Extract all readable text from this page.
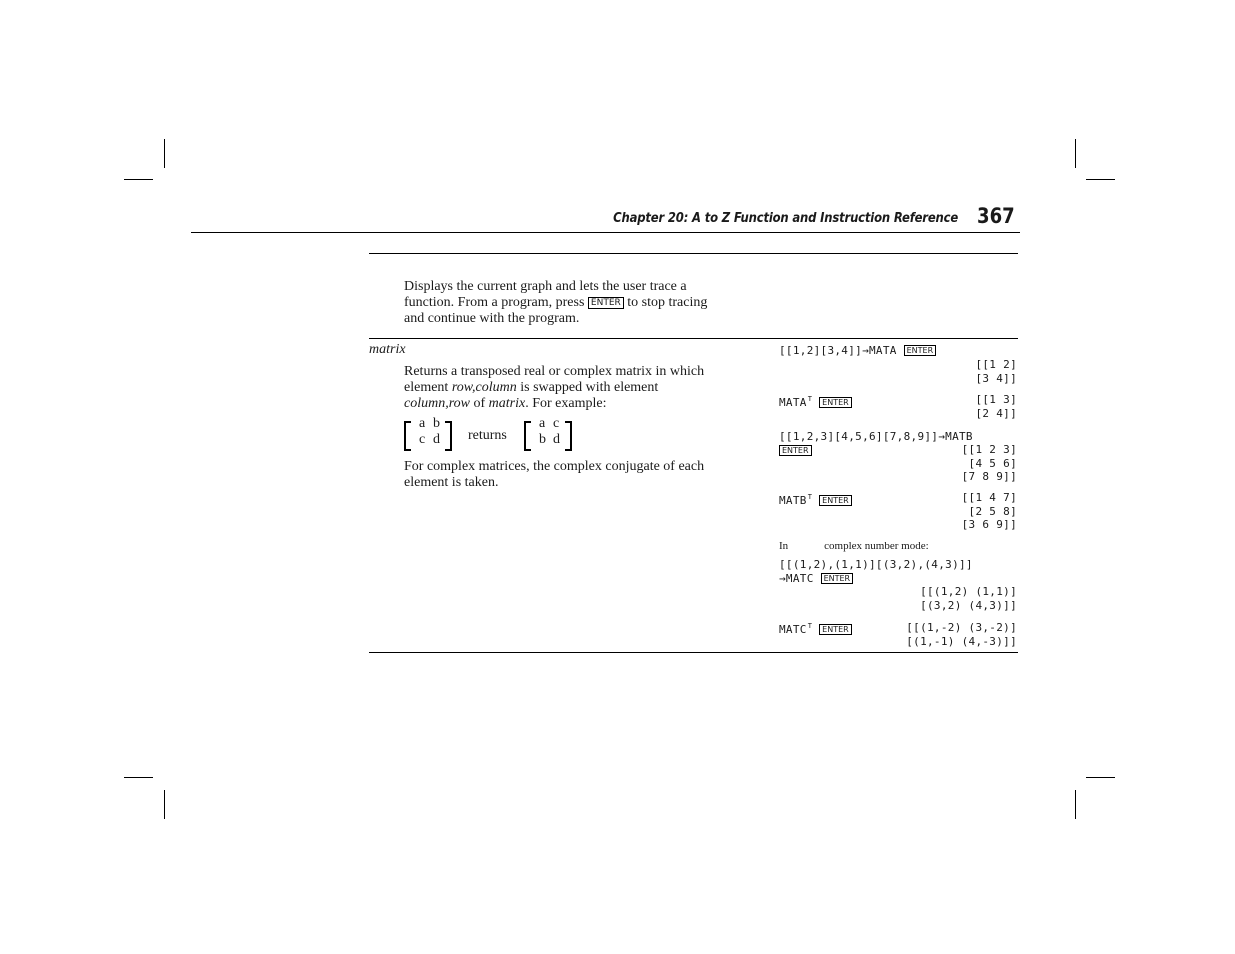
Chapter 20: A to Z Function and Instruction Reference 367
Displays the current graph and lets the user trace a
function. From a program, press ENTER to stop tracing
and continue with the program.
matrix
Returns a transposed real or complex matrix in which
element row,column is swapped with element
column,row of matrix. For example:
a b
c d returns
a c
b d
For complex matrices, the complex conjugate of each
element is taken.
[[1,2][3,4]]→MATA ENTER
[[1 2]
[3 4]]
$MATA^T$ ENTER	[[1 3]
[2 4]]
[[1,2,3][4,5,6][7,8,9]]→MATB
ENTER	[[1 2 3]
[4 5 6]
[7 8 9]]
$MATB^T$ ENTER	[[1 4 7]
[2 5 8]
[3 6 9]]
In	complex number mode:
[[(1,2),(1,1)][(3,2),(4,3)]]
→MATC ENTER
[[(1,2) (1,1)]
[(3,2) (4,3)]]
$MATC^T$ ENTER	[[(1,-2) (3,-2)]
[(1,-1) (4,-3)]]
